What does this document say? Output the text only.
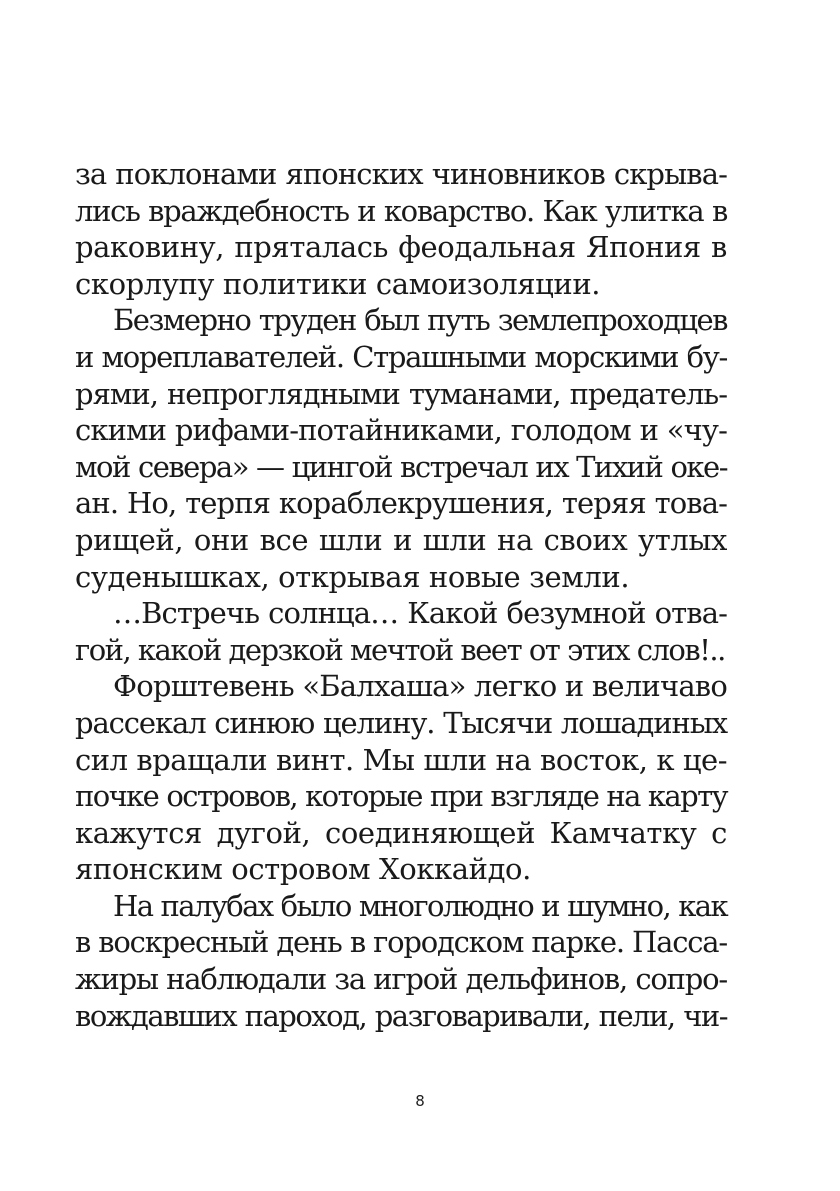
за поклонами японских чиновников скрыва-
лись враждебность и коварство. Как улитка в
раковину, пряталась феодальная Япония в
скорлупу политики самоизоляции.
Безмерно труден был путь землепроходцев
и мореплавателей. Страшными морскими бу-
рями, непроглядными туманами, предатель-
скими рифами-потайниками, голодом и «чу-
мой севера» — цингой встречал их Тихий оке-
ан. Но, терпя кораблекрушения, теряя това-
рищей, они все шли и шли на своих утлых
суденышках, открывая новые земли.
…Встречь солнца… Какой безумной отва-
гой, какой дерзкой мечтой веет от этих слов!..
Форштевень «Балхаша» легко и величаво
рассекал синюю целину. Тысячи лошадиных
сил вращали винт. Мы шли на восток, к це-
почке островов, которые при взгляде на карту
кажутся дугой, соединяющей Камчатку с
японским островом Хоккайдо.
На палубах было многолюдно и шумно, как
в воскресный день в городском парке. Пасса-
жиры наблюдали за игрой дельфинов, сопро-
вождавших пароход, разговаривали, пели, чи-
8
